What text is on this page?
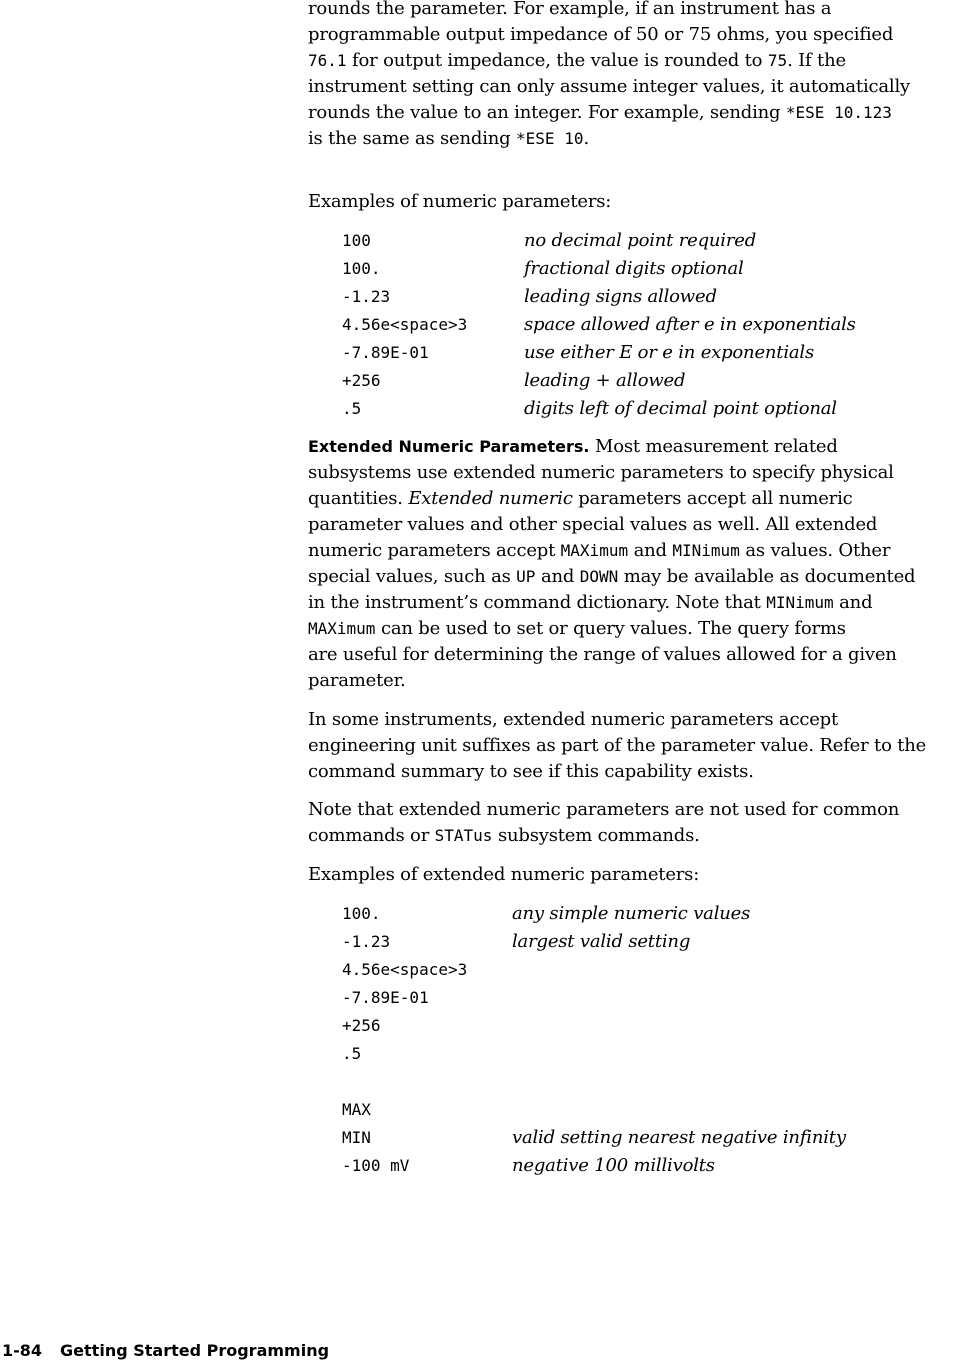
rounds the parameter. For example, if an instrument has a
programmable output impedance of 50 or 75 ohms, you specified
76.1 for output impedance, the value is rounded to 75. If the
instrument setting can only assume integer values, it automatically
rounds the value to an integer. For example, sending *ESE 10.123
is the same as sending *ESE 10.
Examples of numeric parameters:
100	no decimal point required
100.	fractional digits optional
-1.23	leading signs allowed
4.56e<space>3	space allowed after e in exponentials
-7.89E-01	use either E or e in exponentials
+256	leading + allowed
.5	digits left of decimal point optional
Extended Numeric Parameters. Most measurement related
subsystems use extended numeric parameters to specify physical
quantities. Extended numeric parameters accept all numeric
parameter values and other special values as well. All extended
numeric parameters accept MAXimum and MINimum as values. Other
special values, such as UP and DOWN may be available as documented
in the instrument’s command dictionary. Note that MINimum and
MAXimum can be used to set or query values. The query forms
are useful for determining the range of values allowed for a given
parameter.
In some instruments, extended numeric parameters accept
engineering unit suffixes as part of the parameter value. Refer to the
command summary to see if this capability exists.
Note that extended numeric parameters are not used for common
commands or STATus subsystem commands.
Examples of extended numeric parameters:
100.	any simple numeric values
-1.23	largest valid setting
4.56e<space>3
-7.89E-01
+256
.5
MAX
MIN	valid setting nearest negative infinity
-100 mV	negative 100 millivolts
1-84 Getting Started Programming
